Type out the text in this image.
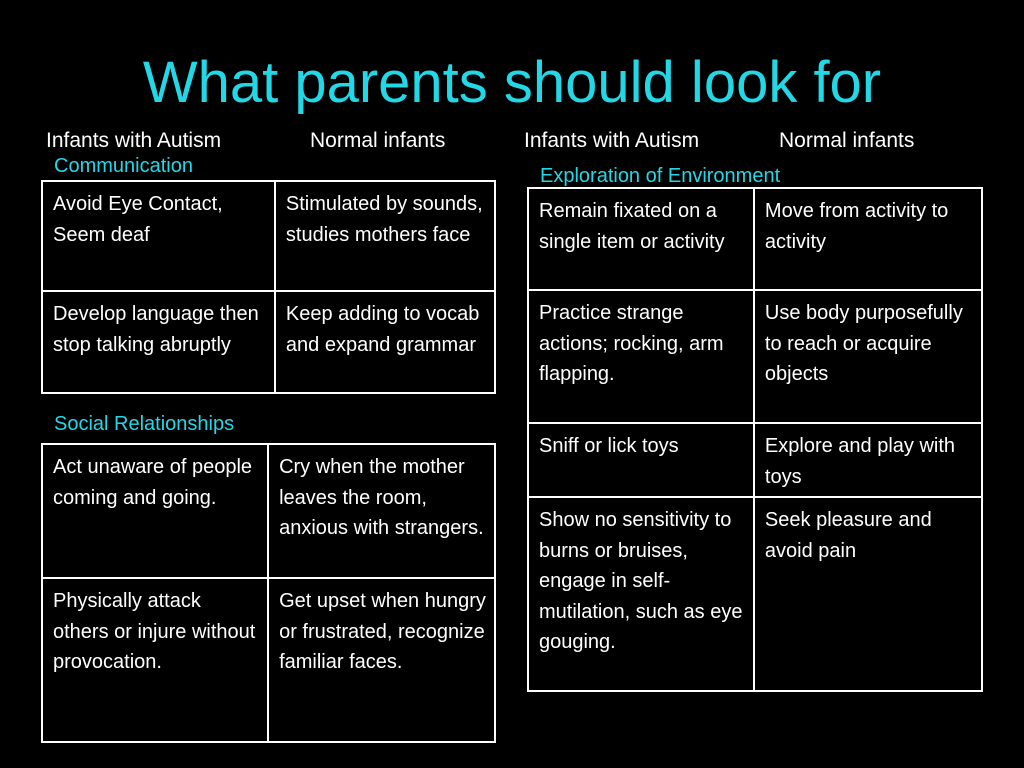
What parents should look for
Infants with Autism	Normal infants	Infants with Autism	Normal infants
Communication
Avoid Eye Contact, Seem deaf	Stimulated by sounds, studies mothers face
Develop language then stop talking abruptly	Keep adding to vocab and expand grammar
Social Relationships
Act unaware of people coming and going.	Cry when the mother leaves the room, anxious with strangers.
Physically attack others or injure without provocation.	Get upset when hungry or frustrated, recognize familiar faces.
Exploration of Environment
Remain fixated on a single item or activity	Move from activity to activity
Practice strange actions; rocking, arm flapping.	Use body purposefully to reach or acquire objects
Sniff or lick toys	Explore and play with toys
Show no sensitivity to burns or bruises, engage in self-mutilation, such as eye gouging.	Seek pleasure and avoid pain
